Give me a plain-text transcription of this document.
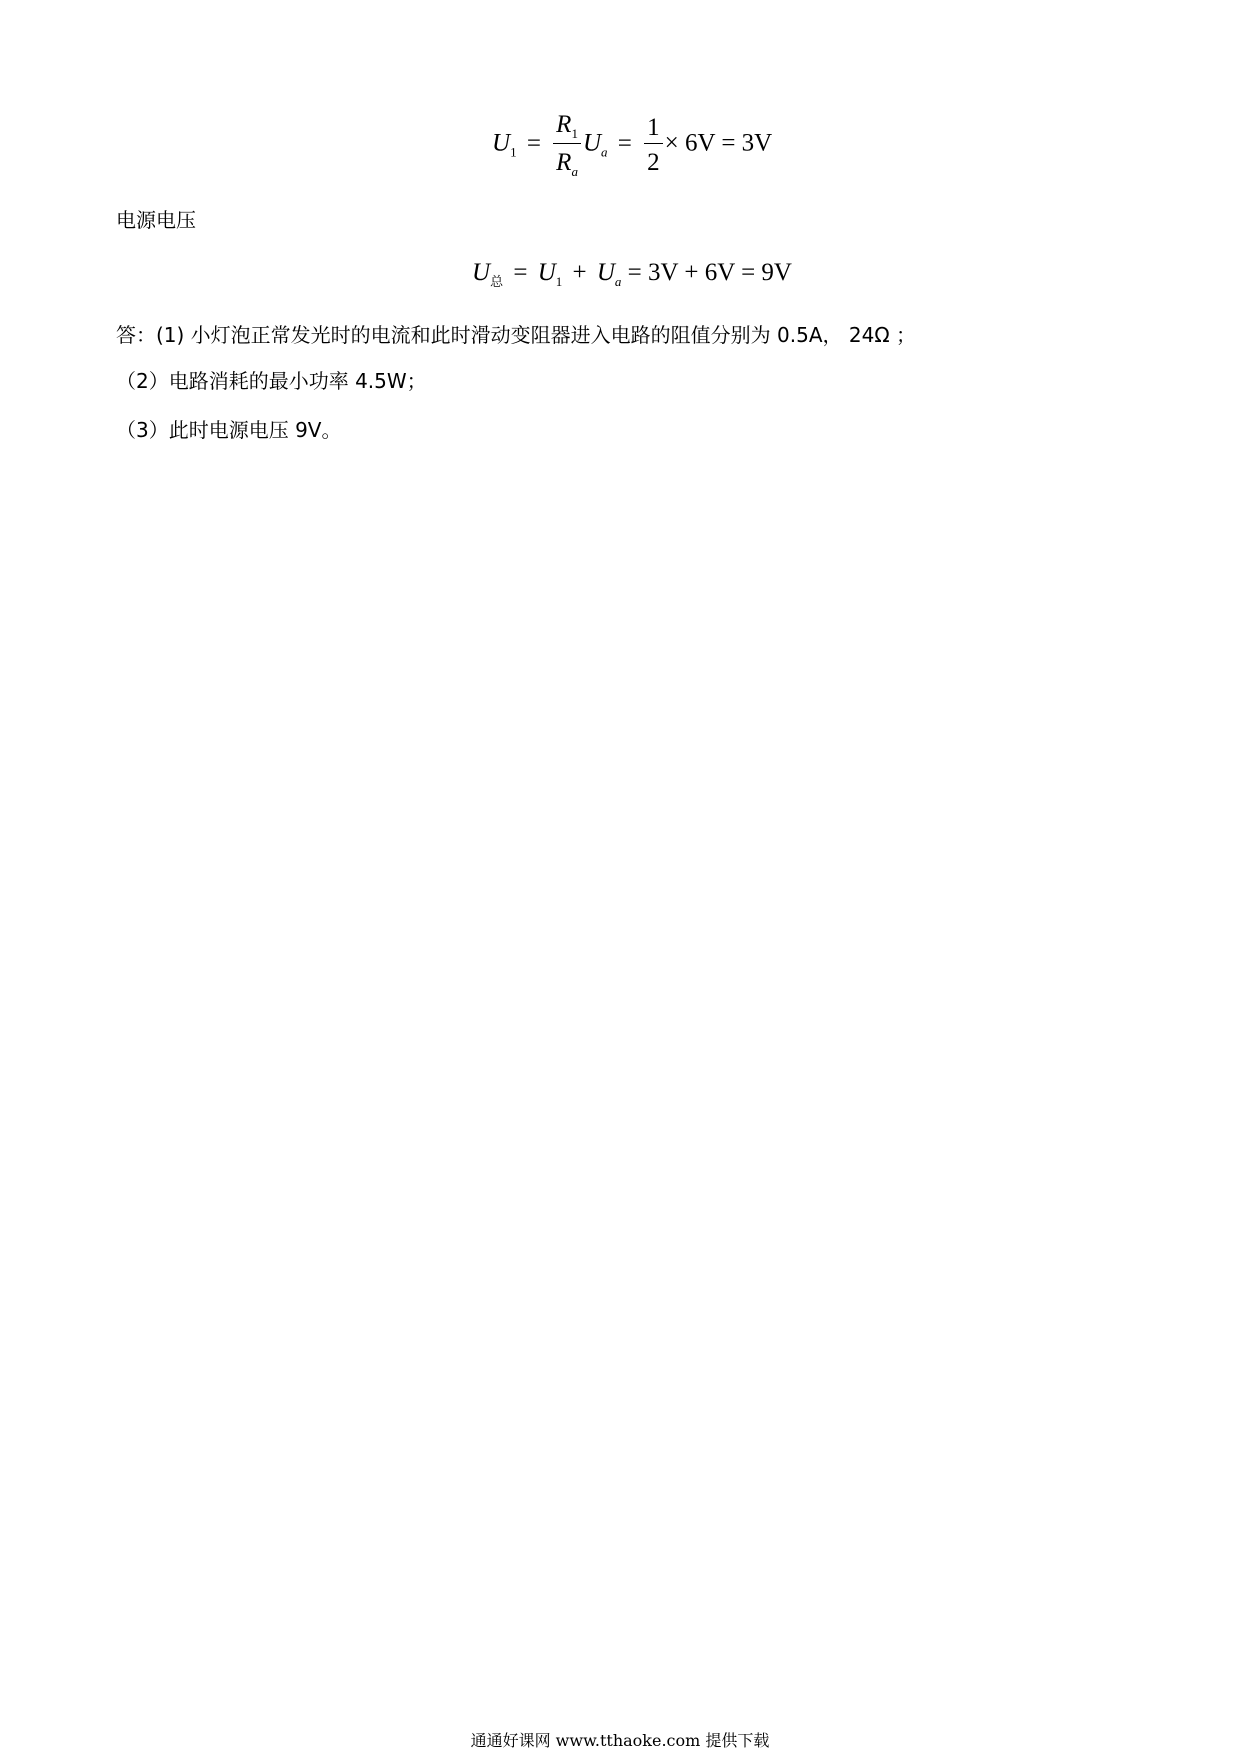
$U_1 = \frac{R_1}{R_a} U_a = \frac{1}{2} \times 6V = 3V$
电源电压
$U_总 = U_1 + U_a = 3V + 6V = 9V$
答：(1) 小灯泡正常发光时的电流和此时滑动变阻器进入电路的阻值分别为 0.5A， 24Ω ；
（2）电路消耗的最小功率 4.5W；
（3）此时电源电压 9V。
通通好课网 www.tthaoke.com 提供下载
